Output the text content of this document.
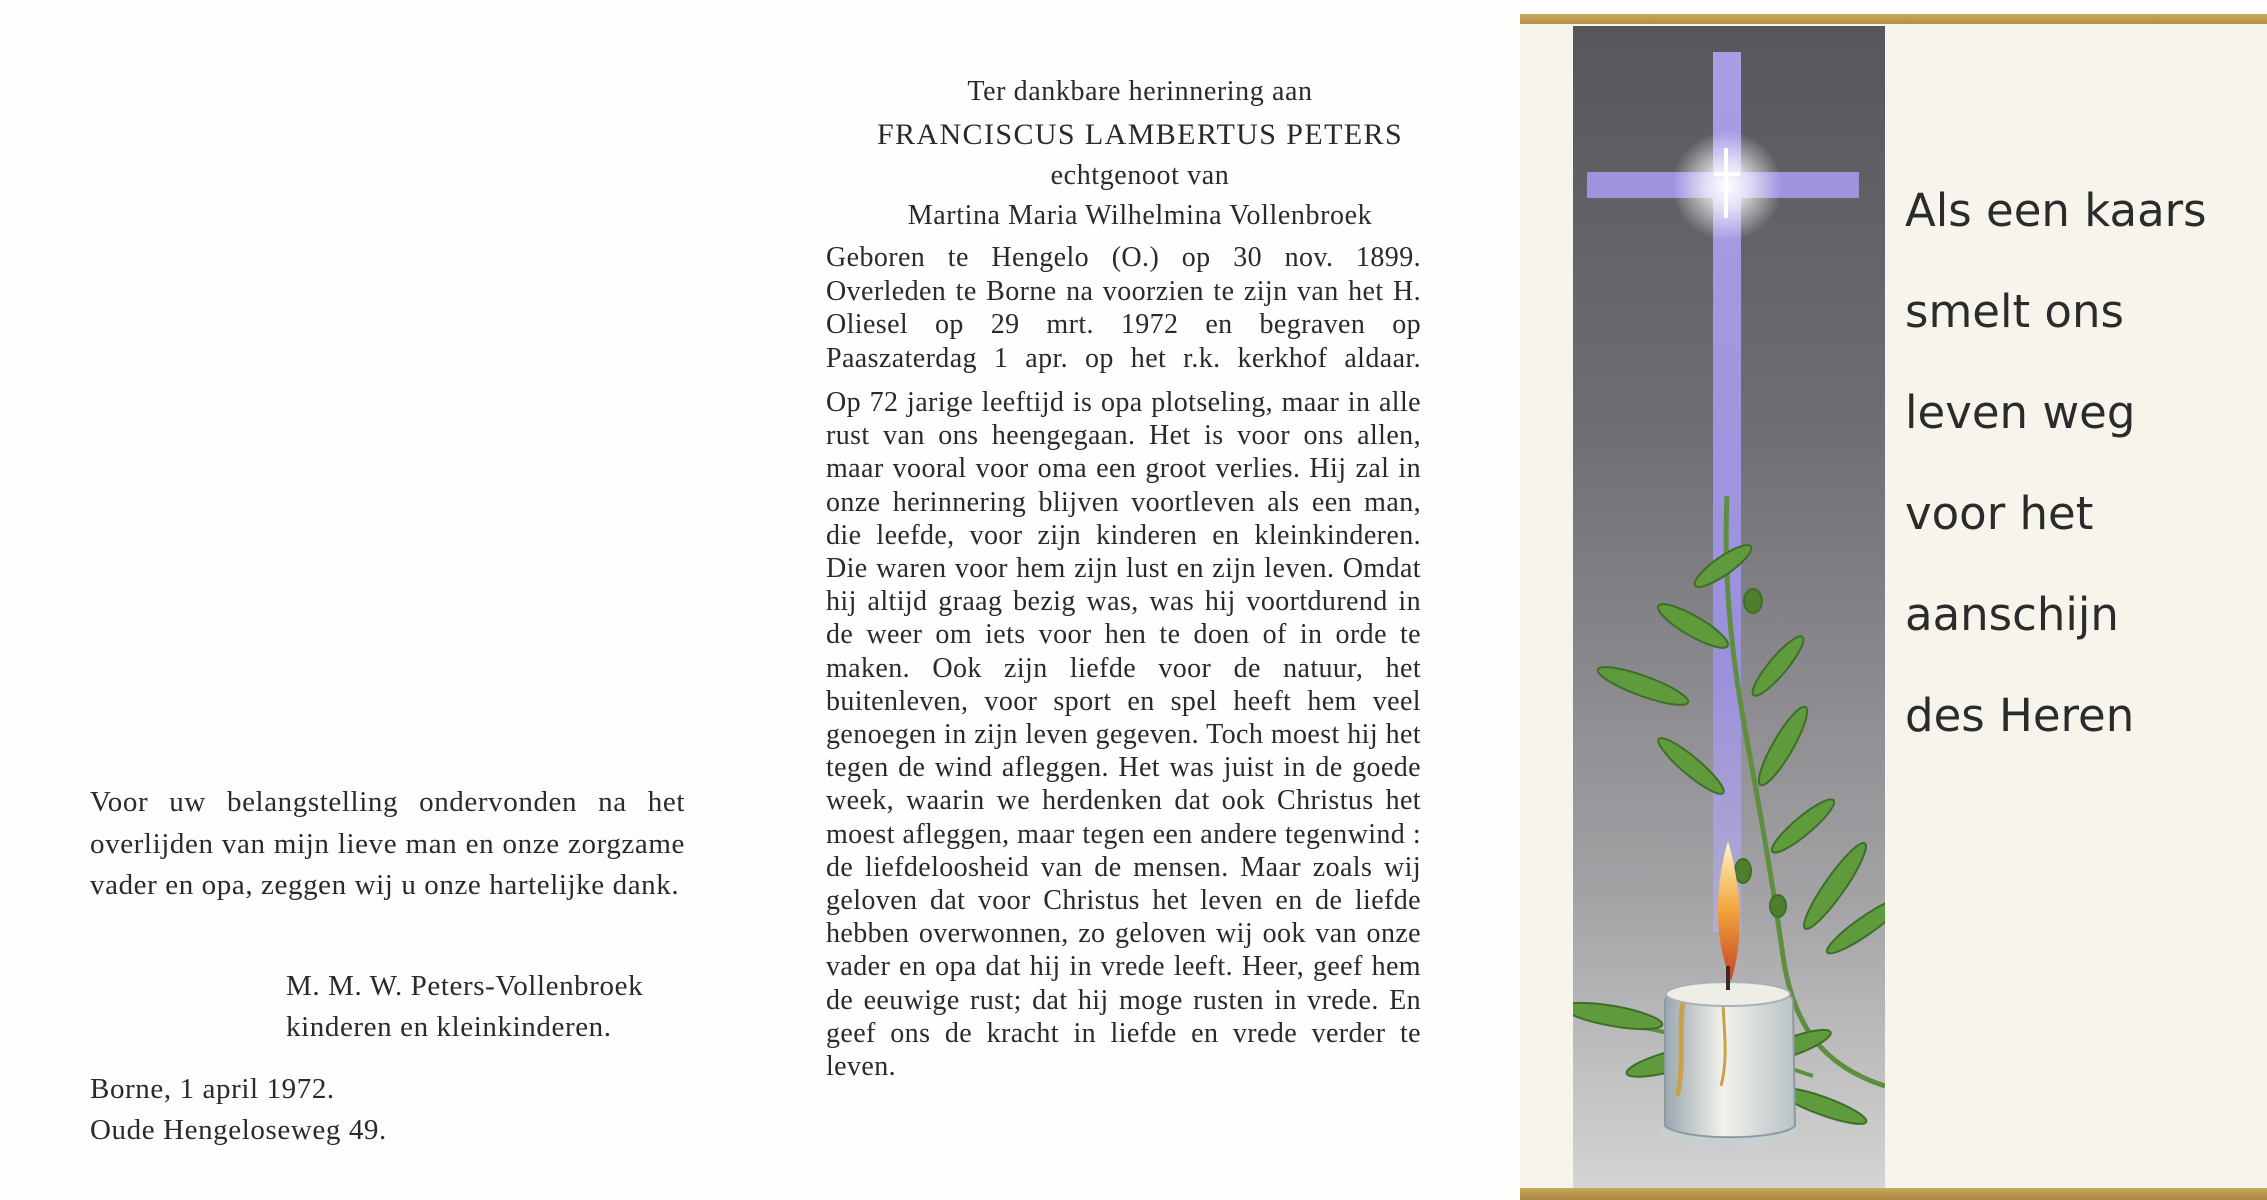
Voor uw belangstelling ondervonden na het overlijden van mijn lieve man en onze zorgzame vader en opa, zeggen wij u onze hartelijke dank.

M. M. W. Peters-Vollenbroek

kinderen en kleinkinderen.

Borne, 1 april 1972.

Oude Hengeloseweg 49.

Ter dankbare herinnering aan

FRANCISCUS LAMBERTUS PETERS

echtgenoot van

Martina Maria Wilhelmina Vollenbroek

Geboren te Hengelo (O.) op 30 nov. 1899. Overleden te Borne na voorzien te zijn van het H. Oliesel op 29 mrt. 1972 en begraven op Paaszaterdag 1 apr. op het r.k. kerkhof aldaar.

Op 72 jarige leeftijd is opa plotseling, maar in alle rust van ons heengegaan. Het is voor ons allen, maar vooral voor oma een groot verlies. Hij zal in onze herinnering blijven voortleven als een man, die leefde, voor zijn kinderen en kleinkinderen. Die waren voor hem zijn lust en zijn leven. Omdat hij altijd graag bezig was, was hij voortdurend in de weer om iets voor hen te doen of in orde te maken. Ook zijn liefde voor de natuur, het buitenleven, voor sport en spel heeft hem veel genoegen in zijn leven gegeven. Toch moest hij het tegen de wind afleggen. Het was juist in de goede week, waarin we herdenken dat ook Christus het moest afleggen, maar tegen een andere tegenwind : de liefdeloosheid van de mensen. Maar zoals wij geloven dat voor Christus het leven en de liefde hebben overwonnen, zo geloven wij ook van onze vader en opa dat hij in vrede leeft. Heer, geef hem de eeuwige rust; dat hij moge rusten in vrede. En geef ons de kracht in liefde en vrede verder te leven.

Als een kaars

smelt ons

leven weg

voor het

aanschijn

des Heren
